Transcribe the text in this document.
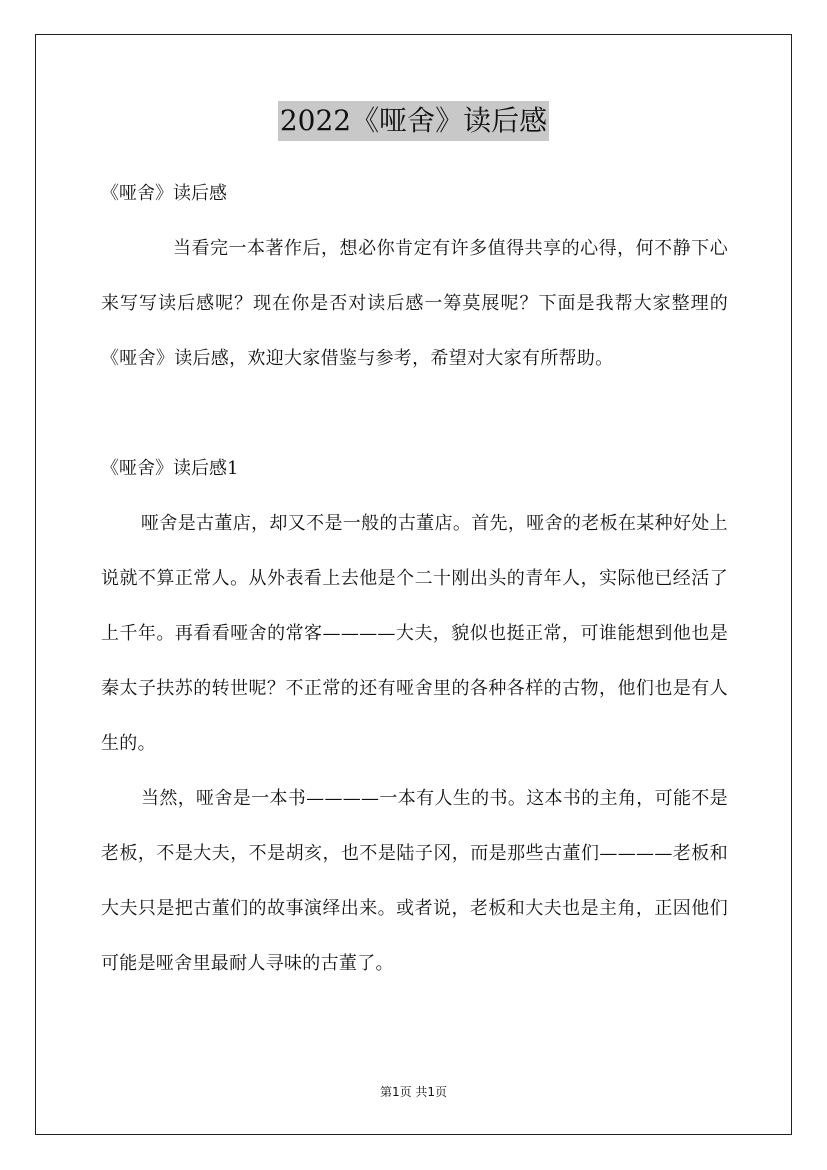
2022《哑舍》读后感
《哑舍》读后感
当看完一本著作后，想必你肯定有许多值得共享的心得，何不静下心来写写读后感呢？现在你是否对读后感一筹莫展呢？下面是我帮大家整理的《哑舍》读后感，欢迎大家借鉴与参考，希望对大家有所帮助。
《哑舍》读后感1
哑舍是古董店，却又不是一般的古董店。首先，哑舍的老板在某种好处上说就不算正常人。从外表看上去他是个二十刚出头的青年人，实际他已经活了上千年。再看看哑舍的常客————大夫，貌似也挺正常，可谁能想到他也是秦太子扶苏的转世呢？不正常的还有哑舍里的各种各样的古物，他们也是有人生的。
当然，哑舍是一本书————一本有人生的书。这本书的主角，可能不是老板，不是大夫，不是胡亥，也不是陆子冈，而是那些古董们————老板和大夫只是把古董们的故事演绎出来。或者说，老板和大夫也是主角，正因他们可能是哑舍里最耐人寻味的古董了。
第1页 共1页
